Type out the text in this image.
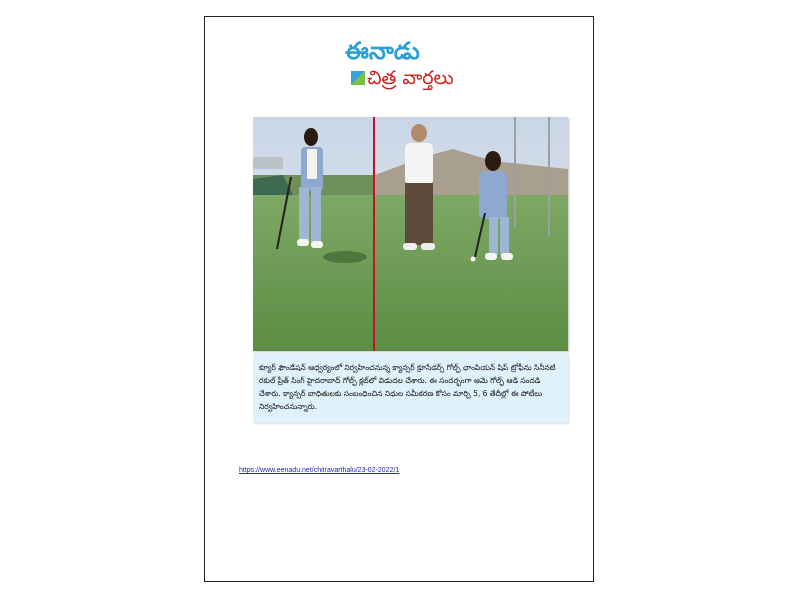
ఈనాడు
చిత్ర వార్తలు
క్యూర్ ఫౌండేషన్ ఆధ్వర్యంలో నిర్వహించనున్న క్యాన్సర్ క్రూసేడర్స్ గోల్ఫ్ ఛాంపియన్ షిప్ ట్రోఫీను సినీనటి రకుల్ ప్రీత్ సింగ్ హైదరాబాద్ గోల్ఫ్ క్లబ్‌లో విడుదల చేశారు. ఈ సందర్భంగా ఆమె గోల్ఫ్ ఆడి సందడి చేశారు. క్యాన్సర్ బాధితులకు సంబంధించిన నిధుల సమీకరణ కోసం మార్చి 5, 6 తేదీల్లో ఈ పోటీలు నిర్వహించనున్నారు.
https://www.eenadu.net/chitravarthalu/23-02-2022/1
